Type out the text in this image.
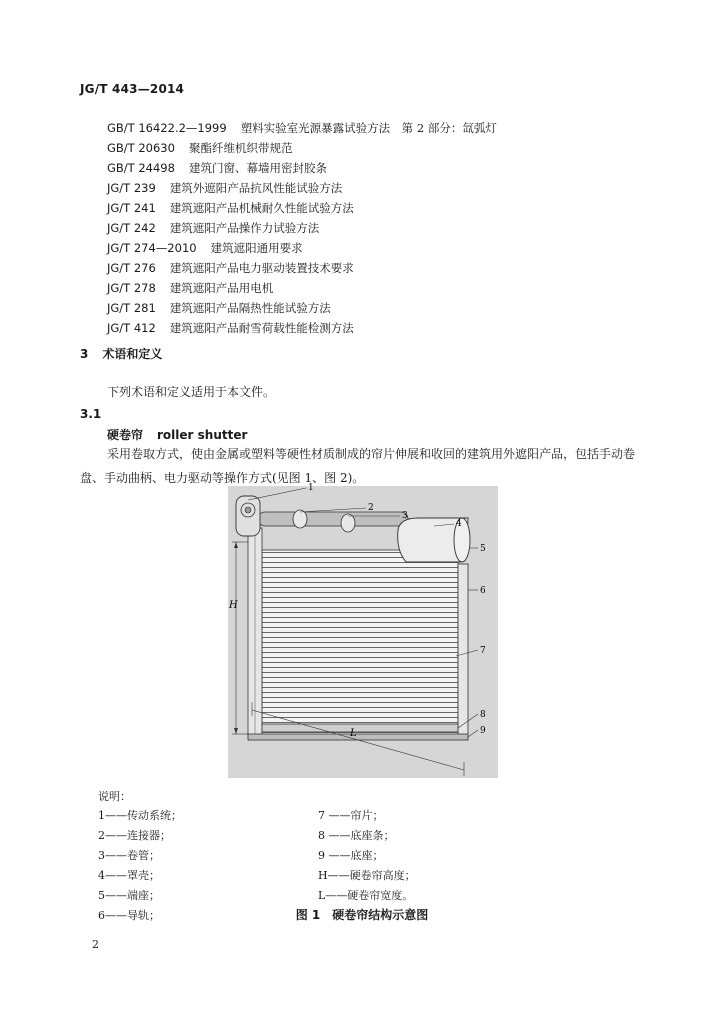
JG/T 443—2014
GB/T 16422.2—1999 塑料实验室光源暴露试验方法　第 2 部分：氙弧灯
GB/T 20630 聚酯纤维机织带规范
GB/T 24498 建筑门窗、幕墙用密封胶条
JG/T 239 建筑外遮阳产品抗风性能试验方法
JG/T 241 建筑遮阳产品机械耐久性能试验方法
JG/T 242 建筑遮阳产品操作力试验方法
JG/T 274—2010 建筑遮阳通用要求
JG/T 276 建筑遮阳产品电力驱动装置技术要求
JG/T 278 建筑遮阳产品用电机
JG/T 281 建筑遮阳产品隔热性能试验方法
JG/T 412 建筑遮阳产品耐雪荷载性能检测方法
3 术语和定义
下列术语和定义适用于本文件。
3.1
硬卷帘 roller shutter
采用卷取方式，使由金属或塑料等硬性材质制成的帘片伸展和收回的建筑用外遮阳产品，包括手动卷盘、手动曲柄、电力驱动等操作方式(见图 1、图 2)。
1
2
3
4
5
6
7
8
9
H
L
说明：
1——传动系统；
2——连接器；
3——卷管；
4——罩壳；
5——端座；
6——导轨；
7 ——帘片；
8 ——底座条；
9 ——底座；
H——硬卷帘高度；
L——硬卷帘宽度。
图 1 硬卷帘结构示意图
2
